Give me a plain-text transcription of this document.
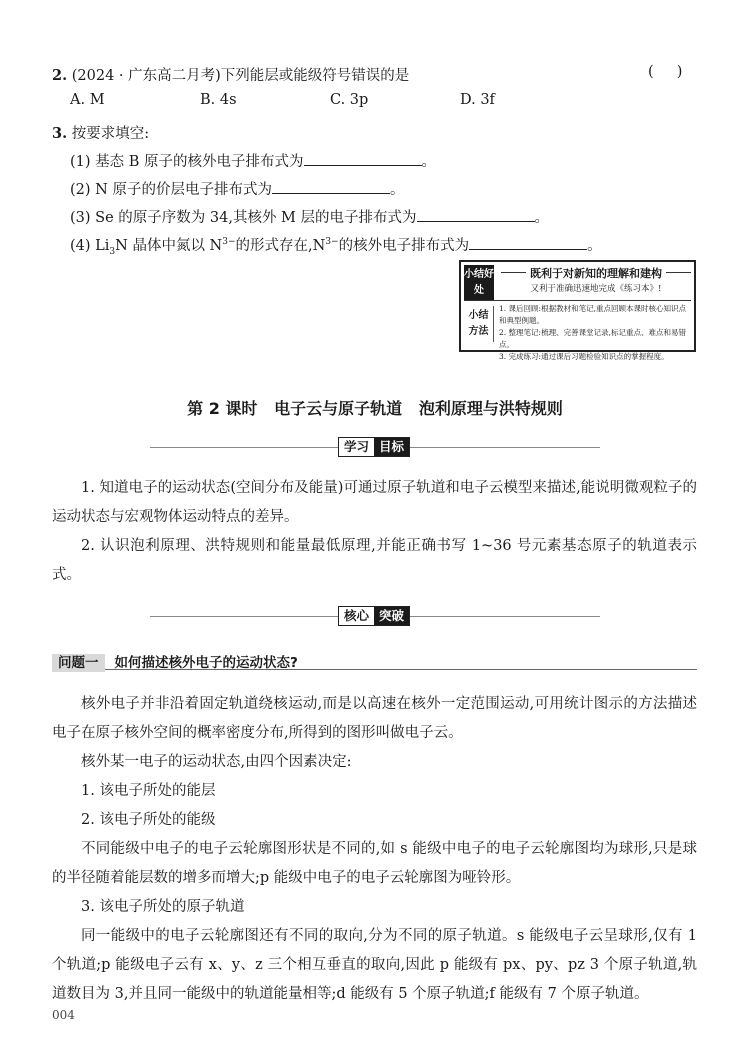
2. (2024 · 广东高二月考)下列能层或能级符号错误的是	(     )
A. M	B. 4s	C. 3p	D. 3f
3. 按要求填空:
(1) 基态 B 原子的核外电子排布式为	。
(2) N 原子的价层电子排布式为	。
(3) Se 的原子序数为 34,其核外 M 层的电子排布式为	。
(4) $Li_3N$ 晶体中氮以 $N^{3-}$的形式存在$,N^{3-}$的核外电子排布式为	。
小结好处
既利于对新知的理解和建构
又利于准确迅速地完成《练习本》!
小结方法
1. 课后回顾:根据教材和笔记,重点回顾本课时核心知识点和典型例题。
2. 整理笔记:梳理、完善课堂记录,标记重点、难点和易错点。
3. 完成练习:通过课后习题检验知识点的掌握程度。
第 2 课时   电子云与原子轨道   泡利原理与洪特规则
学习 目标
1. 知道电子的运动状态(空间分布及能量)可通过原子轨道和电子云模型来描述,能说明微观粒子的运动状态与宏观物体运动特点的差异。
2. 认识泡利原理、洪特规则和能量最低原理,并能正确书写 1~36 号元素基态原子的轨道表示式。
核心 突破
问题一 如何描述核外电子的运动状态?
核外电子并非沿着固定轨道绕核运动,而是以高速在核外一定范围运动,可用统计图示的方法描述电子在原子核外空间的概率密度分布,所得到的图形叫做电子云。
核外某一电子的运动状态,由四个因素决定:
1. 该电子所处的能层
2. 该电子所处的能级
不同能级中电子的电子云轮廓图形状是不同的,如 s 能级中电子的电子云轮廓图均为球形,只是球的半径随着能层数的增多而增大;p 能级中电子的电子云轮廓图为哑铃形。
3. 该电子所处的原子轨道
同一能级中的电子云轮廓图还有不同的取向,分为不同的原子轨道。s 能级电子云呈球形,仅有 1 个轨道;p 能级电子云有 x、y、z 三个相互垂直的取向,因此 p 能级有 px、py、pz 3 个原子轨道,轨道数目为 3,并且同一能级中的轨道能量相等;d 能级有 5 个原子轨道;f 能级有 7 个原子轨道。
004
